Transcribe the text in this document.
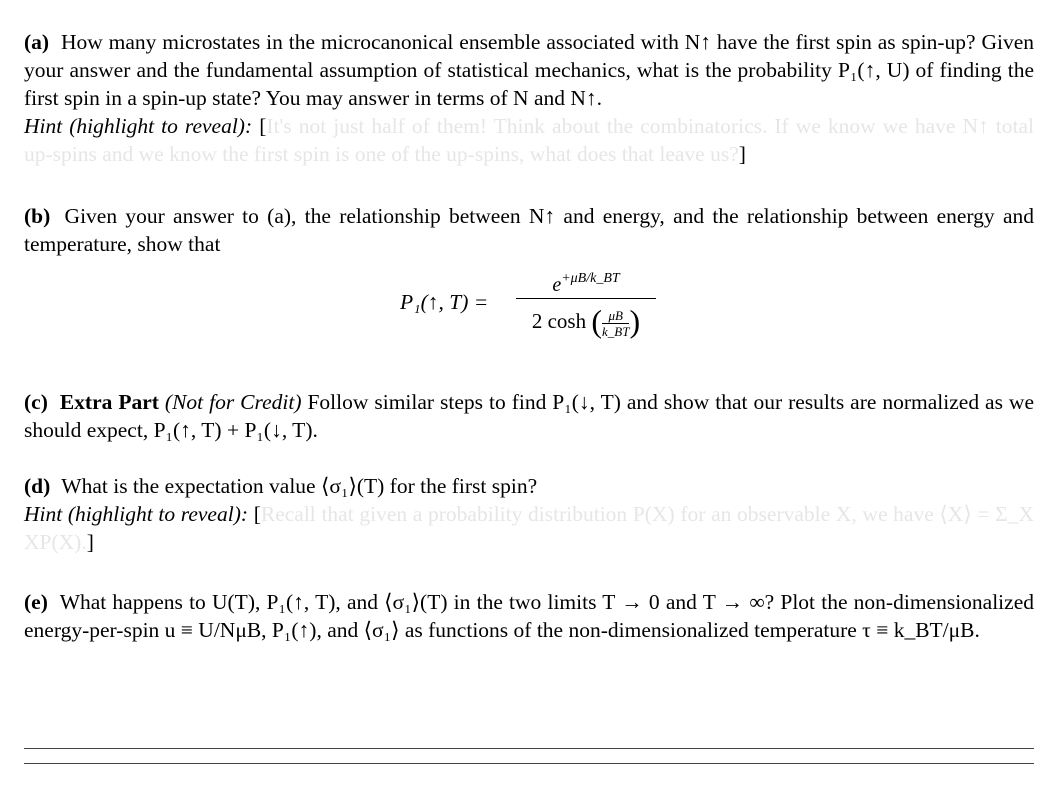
(a) How many microstates in the microcanonical ensemble associated with N↑ have the first spin as spin-up? Given your answer and the fundamental assumption of statistical mechanics, what is the probability P₁(↑, U) of finding the first spin in a spin-up state? You may answer in terms of N and N↑.
Hint (highlight to reveal): [It's not just half of them! Think about the combinatorics. If we know we have N↑ total up-spins and we know the first spin is one of the up-spins, what does that leave us?]
(b) Given your answer to (a), the relationship between N↑ and energy, and the relationship between energy and temperature, show that
P₁(↑, T) =
$e^{+\mu B/k\_BT}$
2 $\cosh (\frac{\mu B}{k\_BT})$
(c) Extra Part (Not for Credit) Follow similar steps to find P₁(↓, T) and show that our results are normalized as we should expect, P₁(↑, T) + P₁(↓, T).
(d) What is the expectation value ⟨σ₁⟩(T) for the first spin?
Hint (highlight to reveal): [Recall that given a probability distribution P(X) for an observable X, we have ⟨X⟩ = Σ_X XP(X).]
(e) What happens to U(T), P₁(↑, T), and ⟨σ₁⟩(T) in the two limits T → 0 and T → ∞? Plot the non-dimensionalized energy-per-spin u ≡ U/NμB, P₁(↑), and ⟨σ₁⟩ as functions of the non-dimensionalized temperature τ ≡ k_BT/μB.
